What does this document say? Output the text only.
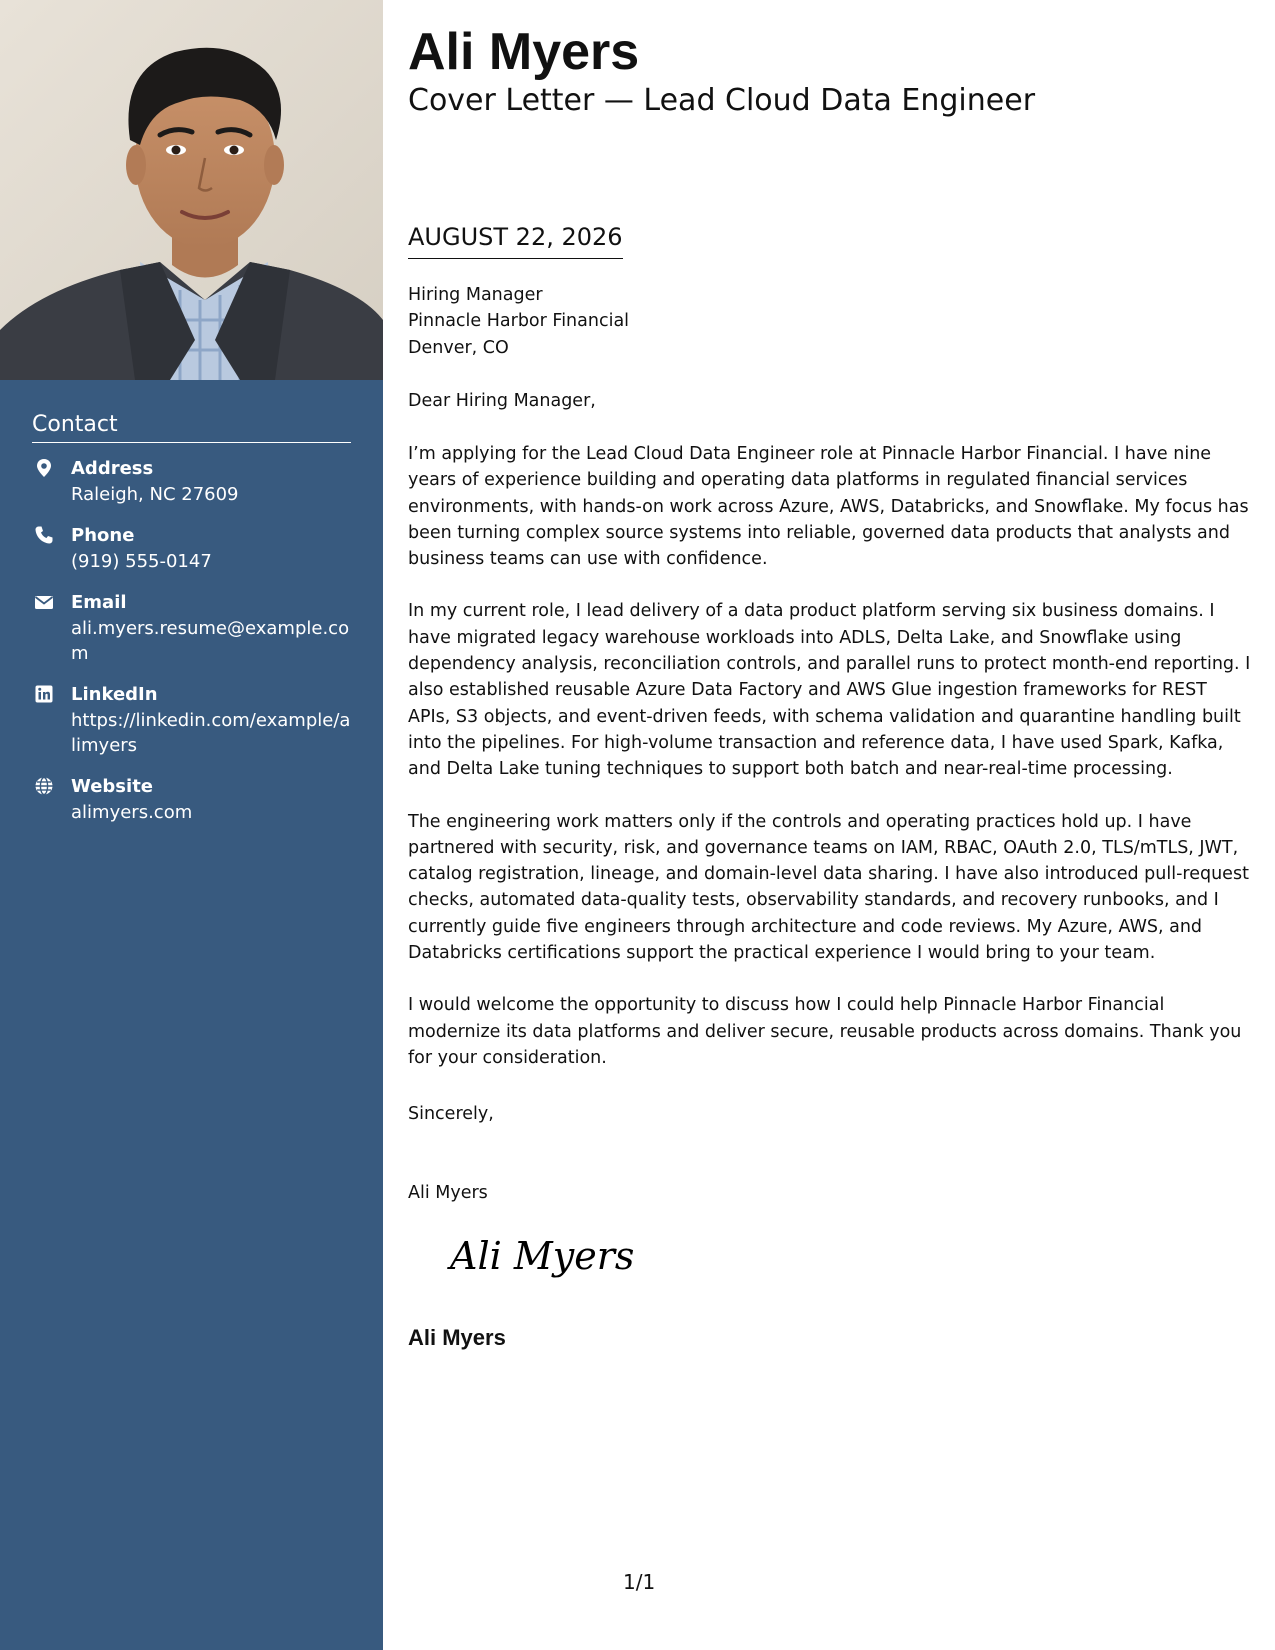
Contact
Address
Raleigh, NC 27609
Phone
(919) 555-0147
Email
ali.myers.resume@example.com
LinkedIn
https://linkedin.com/example/alimyers
Website
alimyers.com
Ali Myers
Cover Letter — Lead Cloud Data Engineer
AUGUST 22, 2026
Hiring Manager
Pinnacle Harbor Financial
Denver, CO
Dear Hiring Manager,

I’m applying for the Lead Cloud Data Engineer role at Pinnacle Harbor Financial. I have nine years of experience building and operating data platforms in regulated financial services environments, with hands-on work across Azure, AWS, Databricks, and Snowflake. My focus has been turning complex source systems into reliable, governed data products that analysts and business teams can use with confidence.

In my current role, I lead delivery of a data product platform serving six business domains. I have migrated legacy warehouse workloads into ADLS, Delta Lake, and Snowflake using dependency analysis, reconciliation controls, and parallel runs to protect month-end reporting. I also established reusable Azure Data Factory and AWS Glue ingestion frameworks for REST APIs, S3 objects, and event-driven feeds, with schema validation and quarantine handling built into the pipelines. For high-volume transaction and reference data, I have used Spark, Kafka, and Delta Lake tuning techniques to support both batch and near-real-time processing.

The engineering work matters only if the controls and operating practices hold up. I have partnered with security, risk, and governance teams on IAM, RBAC, OAuth 2.0, TLS/mTLS, JWT, catalog registration, lineage, and domain-level data sharing. I have also introduced pull-request checks, automated data-quality tests, observability standards, and recovery runbooks, and I currently guide five engineers through architecture and code reviews. My Azure, AWS, and Databricks certifications support the practical experience I would bring to your team.

I would welcome the opportunity to discuss how I could help Pinnacle Harbor Financial modernize its data platforms and deliver secure, reusable products across domains. Thank you for your consideration.

Sincerely,
Ali Myers
Ali Myers
Ali Myers
1/1
